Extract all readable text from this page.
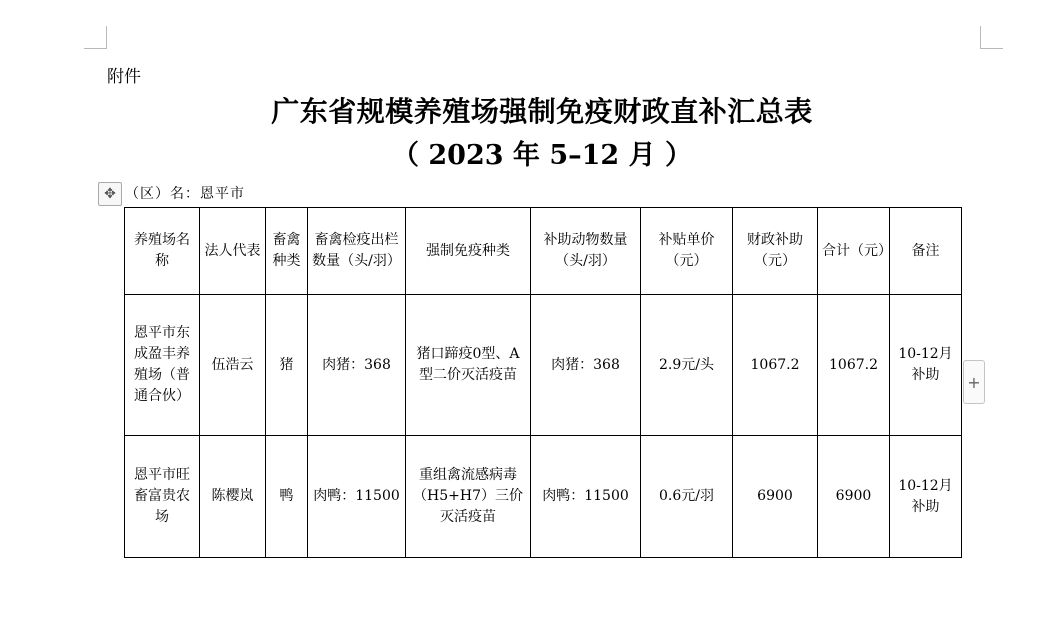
附件
广东省规模养殖场强制免疫财政直补汇总表
（ 2023 年 5–12 月 ）
✥ （区）名：恩平市
养殖场名称	法人代表	畜禽种类	畜禽检疫出栏数量（头/羽）	强制免疫种类	补助动物数量（头/羽）	补贴单价（元）	财政补助（元）	合计（元）	备注
恩平市东成盈丰养殖场（普通合伙）	伍浩云	猪	肉猪：368	猪口蹄疫0型、A型二价灭活疫苗	肉猪：368	2.9元/头	1067.2	1067.2	10-12月补助
恩平市旺畜富贵农场	陈樱岚	鸭	肉鸭：11500	重组禽流感病毒（H5+H7）三价灭活疫苗	肉鸭：11500	0.6元/羽	6900	6900	10-12月补助
+
